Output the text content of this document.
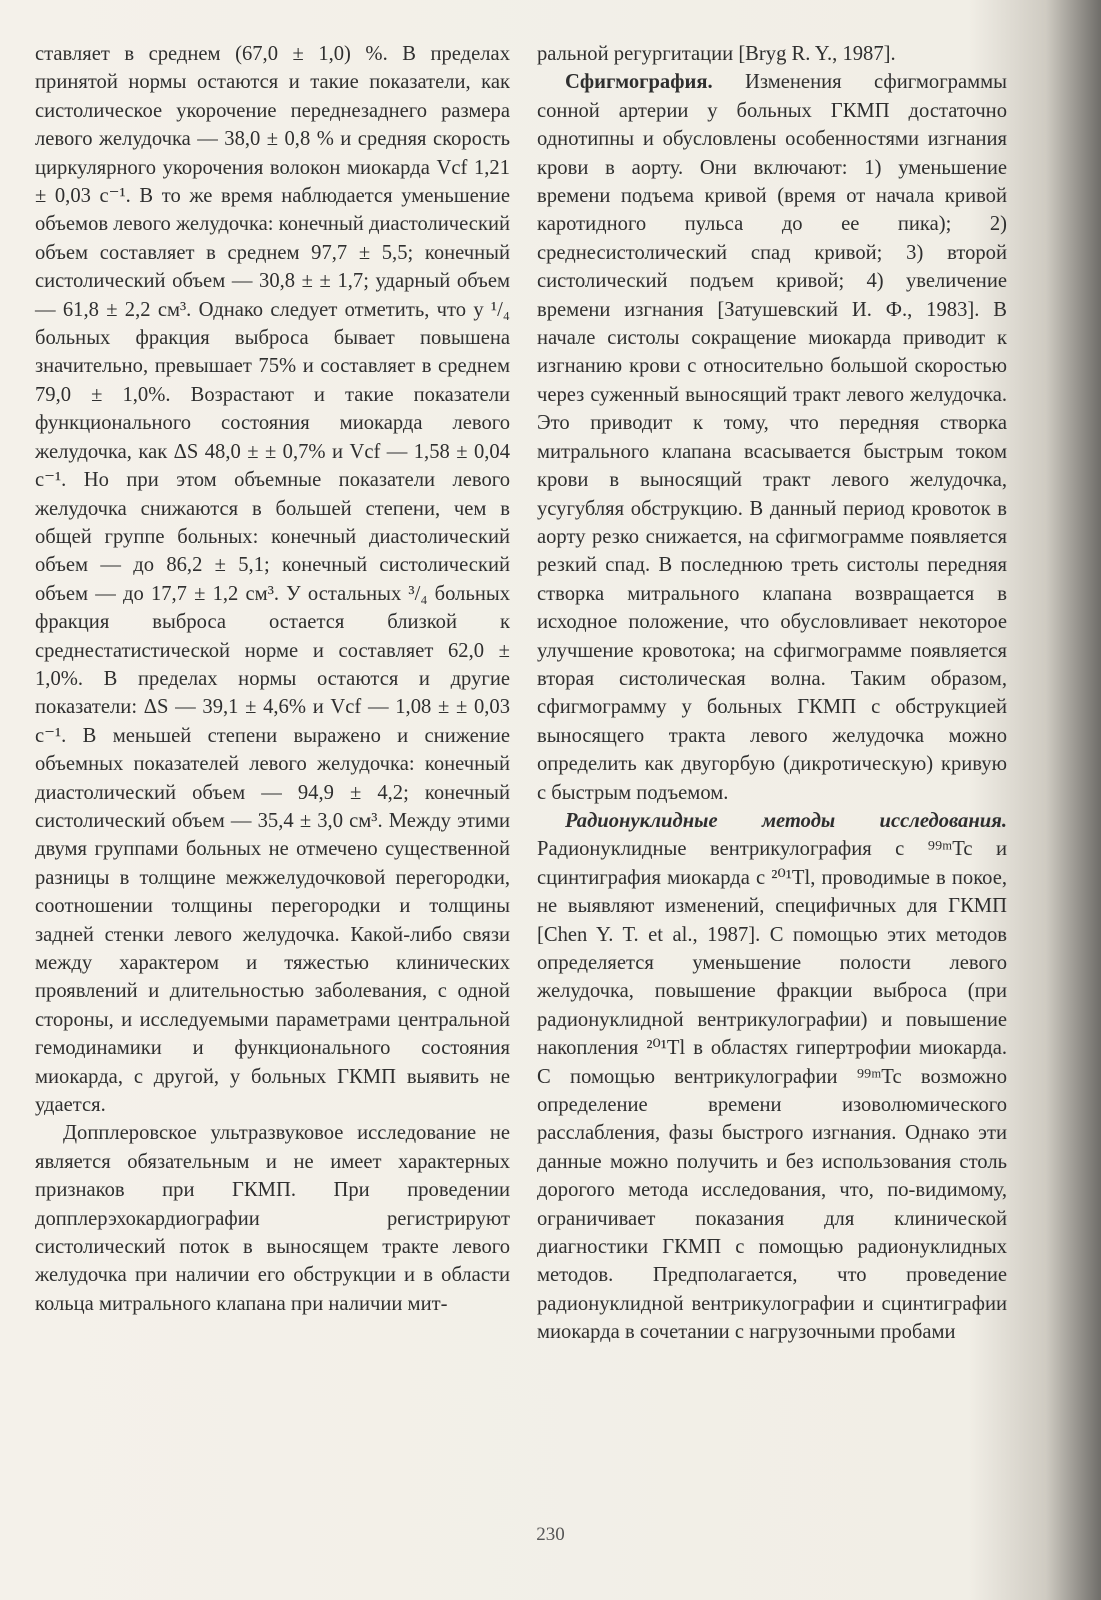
ставляет в среднем (67,0 ± 1,0) %. В пределах принятой нормы остаются и такие показатели, как систолическое укорочение переднезаднего размера левого желудочка — 38,0 ± 0,8 % и средняя скорость циркулярного укорочения волокон миокарда Vcf 1,21 ± 0,03 с⁻¹. В то же время наблюдается уменьшение объемов левого желудочка: конечный диастолический объем составляет в среднем 97,7 ± 5,5; конечный систолический объем — 30,8 ± ± 1,7; ударный объем — 61,8 ± 2,2 см³. Однако следует отметить, что у ¹/₄ больных фракция выброса бывает повышена значительно, превышает 75% и составляет в среднем 79,0 ± 1,0%. Возрастают и такие показатели функционального состояния миокарда левого желудочка, как ΔS 48,0 ± ± 0,7% и Vcf — 1,58 ± 0,04 с⁻¹. Но при этом объемные показатели левого желудочка снижаются в большей степени, чем в общей группе больных: конечный диастолический объем — до 86,2 ± 5,1; конечный систолический объем — до 17,7 ± 1,2 см³. У остальных ³/₄ больных фракция выброса остается близкой к среднестатистической норме и составляет 62,0 ± 1,0%. В пределах нормы остаются и другие показатели: ΔS — 39,1 ± 4,6% и Vcf — 1,08 ± ± 0,03 с⁻¹. В меньшей степени выражено и снижение объемных показателей левого желудочка: конечный диастолический объем — 94,9 ± 4,2; конечный систолический объем — 35,4 ± 3,0 см³. Между этими двумя группами больных не отмечено существенной разницы в толщине межжелудочковой перегородки, соотношении толщины перегородки и толщины задней стенки левого желудочка. Какой-либо связи между характером и тяжестью клинических проявлений и длительностью заболевания, с одной стороны, и исследуемыми параметрами центральной гемодинамики и функционального состояния миокарда, с другой, у больных ГКМП выявить не удается.

Допплеровское ультразвуковое исследование не является обязательным и не имеет характерных признаков при ГКМП. При проведении допплерэхокардиографии регистрируют систолический поток в выносящем тракте левого желудочка при наличии его обструкции и в области кольца митрального клапана при наличии мит-

ральной регургитации [Bryg R. Y., 1987].

Сфигмография. Изменения сфигмограммы сонной артерии у больных ГКМП достаточно однотипны и обусловлены особенностями изгнания крови в аорту. Они включают: 1) уменьшение времени подъема кривой (время от начала кривой каротидного пульса до ее пика); 2) среднесистолический спад кривой; 3) второй систолический подъем кривой; 4) увеличение времени изгнания [Затушевский И. Ф., 1983]. В начале систолы сокращение миокарда приводит к изгнанию крови с относительно большой скоростью через суженный выносящий тракт левого желудочка. Это приводит к тому, что передняя створка митрального клапана всасывается быстрым током крови в выносящий тракт левого желудочка, усугубляя обструкцию. В данный период кровоток в аорту резко снижается, на сфигмограмме появляется резкий спад. В последнюю треть систолы передняя створка митрального клапана возвращается в исходное положение, что обусловливает некоторое улучшение кровотока; на сфигмограмме появляется вторая систолическая волна. Таким образом, сфигмограмму у больных ГКМП с обструкцией выносящего тракта левого желудочка можно определить как двугорбую (дикротическую) кривую с быстрым подъемом.

Радионуклидные методы исследования. Радионуклидные вентрикулография с ⁹⁹ᵐTc и сцинтиграфия миокарда с ²⁰¹Tl, проводимые в покое, не выявляют изменений, специфичных для ГКМП [Chen Y. T. et al., 1987]. С помощью этих методов определяется уменьшение полости левого желудочка, повышение фракции выброса (при радионуклидной вентрикулографии) и повышение накопления ²⁰¹Tl в областях гипертрофии миокарда. С помощью вентрикулографии ⁹⁹ᵐTc возможно определение времени изоволюмического расслабления, фазы быстрого изгнания. Однако эти данные можно получить и без использования столь дорогого метода исследования, что, по-видимому, ограничивает показания для клинической диагностики ГКМП с помощью радионуклидных методов. Предполагается, что проведение радионуклидной вентрикулографии и сцинтиграфии миокарда в сочетании с нагрузочными пробами

230
